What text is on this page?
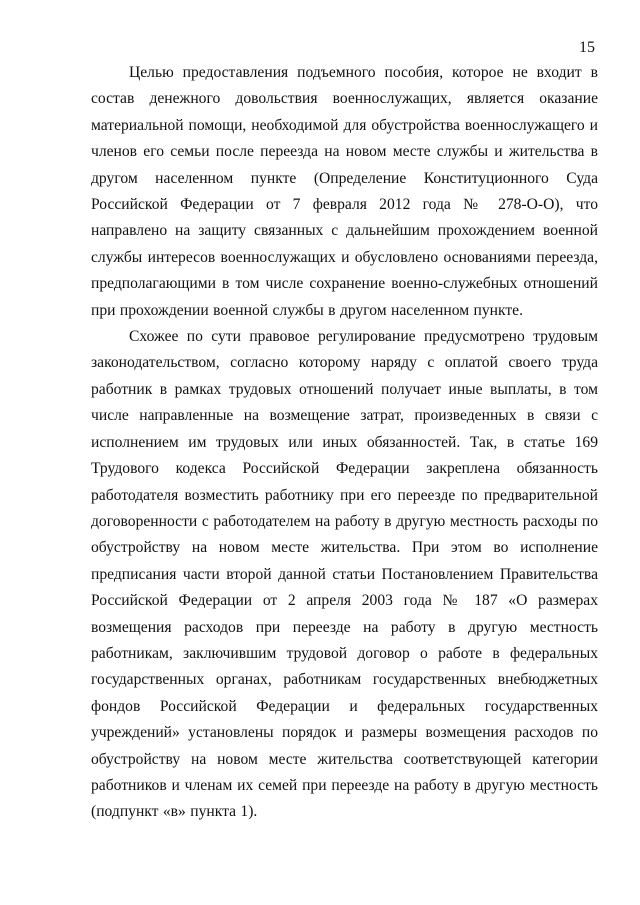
15

Целью предоставления подъемного пособия, которое не входит в состав денежного довольствия военнослужащих, является оказание материальной помощи, необходимой для обустройства военнослужащего и членов его семьи после переезда на новом месте службы и жительства в другом населенном пункте (Определение Конституционного Суда Российской Федерации от 7 февраля 2012 года № 278-О-О), что направлено на защиту связанных с дальнейшим прохождением военной службы интересов военнослужащих и обусловлено основаниями переезда, предполагающими в том числе сохранение военно-служебных отношений при прохождении военной службы в другом населенном пункте.

Схожее по сути правовое регулирование предусмотрено трудовым законодательством, согласно которому наряду с оплатой своего труда работник в рамках трудовых отношений получает иные выплаты, в том числе направленные на возмещение затрат, произведенных в связи с исполнением им трудовых или иных обязанностей. Так, в статье 169 Трудового кодекса Российской Федерации закреплена обязанность работодателя возместить работнику при его переезде по предварительной договоренности с работодателем на работу в другую местность расходы по обустройству на новом месте жительства. При этом во исполнение предписания части второй данной статьи Постановлением Правительства Российской Федерации от 2 апреля 2003 года № 187 «О размерах возмещения расходов при переезде на работу в другую местность работникам, заключившим трудовой договор о работе в федеральных государственных органах, работникам государственных внебюджетных фондов Российской Федерации и федеральных государственных учреждений» установлены порядок и размеры возмещения расходов по обустройству на новом месте жительства соответствующей категории работников и членам их семей при переезде на работу в другую местность (подпункт «в» пункта 1).
